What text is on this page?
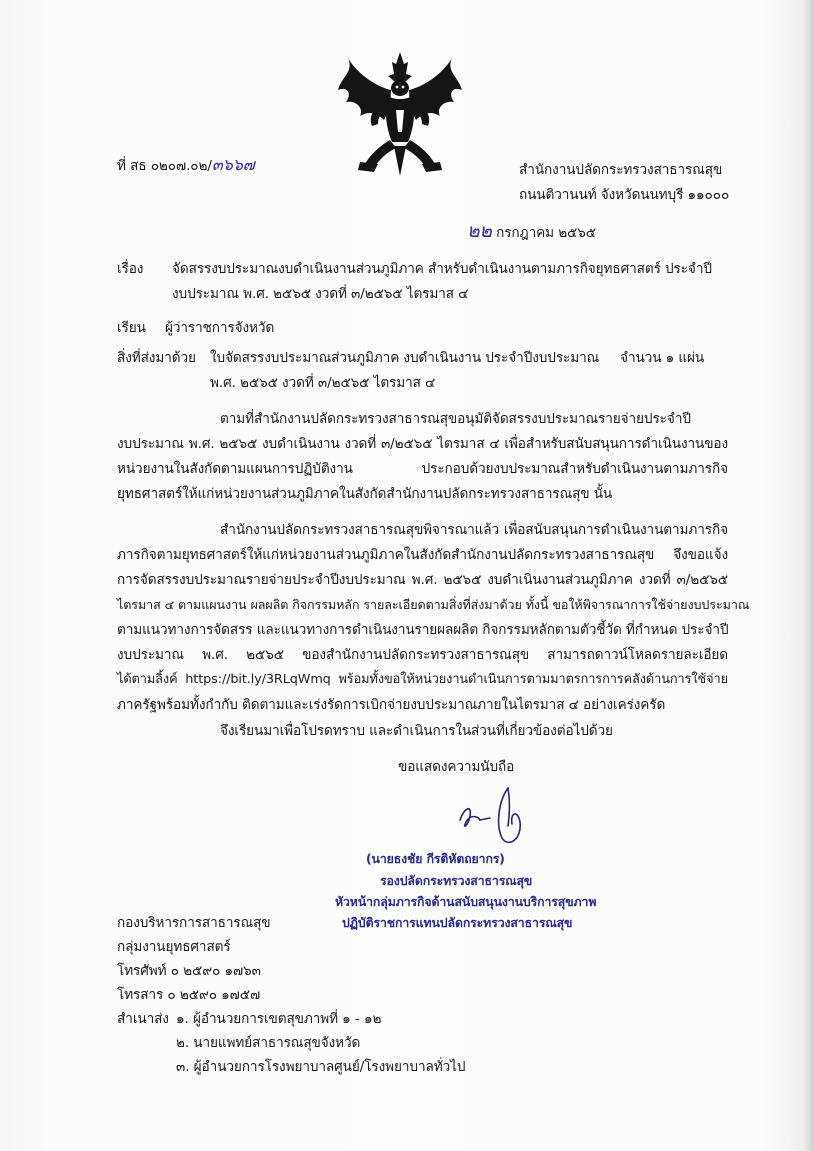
ที่ สธ ๐๒๐๗.๐๒/๓๖๖๗	สำนักงานปลัดกระทรวงสาธารณสุข
ถนนติวานนท์ จังหวัดนนทบุรี ๑๑๐๐๐
๒๒ กรกฎาคม ๒๕๖๕
เรื่อง จัดสรรงบประมาณงบดำเนินงานส่วนภูมิภาค สำหรับดำเนินงานตามภารกิจยุทธศาสตร์ ประจำปี
งบประมาณ พ.ศ. ๒๕๖๕ งวดที่ ๓/๒๕๖๕ ไตรมาส ๔
เรียน ผู้ว่าราชการจังหวัด
สิ่งที่ส่งมาด้วย ใบจัดสรรงบประมาณส่วนภูมิภาค งบดำเนินงาน ประจำปีงบประมาณ จำนวน ๑ แผ่น
พ.ศ. ๒๕๖๕ งวดที่ ๓/๒๕๖๕ ไตรมาส ๔
ตามที่สำนักงานปลัดกระทรวงสาธารณสุขอนุมัติจัดสรรงบประมาณรายจ่ายประจำปี
งบประมาณ พ.ศ. ๒๕๖๕ งบดำเนินงาน งวดที่ ๓/๒๕๖๕ ไตรมาส ๔ เพื่อสำหรับสนับสนุนการดำเนินงานของ
หน่วยงานในสังกัดตามแผนการปฏิบัติงาน ประกอบด้วยงบประมาณสำหรับดำเนินงานตามภารกิจ
ยุทธศาสตร์ให้แก่หน่วยงานส่วนภูมิภาคในสังกัดสำนักงานปลัดกระทรวงสาธารณสุข นั้น
สำนักงานปลัดกระทรวงสาธารณสุขพิจารณาแล้ว เพื่อสนับสนุนการดำเนินงานตามภารกิจ
ภารกิจตามยุทธศาสตร์ให้แก่หน่วยงานส่วนภูมิภาคในสังกัดสำนักงานปลัดกระทรวงสาธารณสุข จึงขอแจ้ง
การจัดสรรงบประมาณรายจ่ายประจำปีงบประมาณ พ.ศ. ๒๕๖๕ งบดำเนินงานส่วนภูมิภาค งวดที่ ๓/๒๕๖๕
ไตรมาส ๔ ตามแผนงาน ผลผลิต กิจกรรมหลัก รายละเอียดตามสิ่งที่ส่งมาด้วย ทั้งนี้ ขอให้พิจารณาการใช้จ่ายงบประมาณ
ตามแนวทางการจัดสรร และแนวทางการดำเนินงานรายผลผลิต กิจกรรมหลักตามตัวชี้วัด ที่กำหนด ประจำปี
งบประมาณ พ.ศ. ๒๕๖๕ ของสำนักงานปลัดกระทรวงสาธารณสุข สามารถดาวน์โหลดรายละเอียด
ได้ตามลิ้งค์ https://bit.ly/3RLqWmq พร้อมทั้งขอให้หน่วยงานดำเนินการตามมาตรการการคลังด้านการใช้จ่าย
ภาครัฐพร้อมทั้งกำกับ ติดตามและเร่งรัดการเบิกจ่ายงบประมาณภายในไตรมาส ๔ อย่างเคร่งครัด
จึงเรียนมาเพื่อโปรดทราบ และดำเนินการในส่วนที่เกี่ยวข้องต่อไปด้วย
ขอแสดงความนับถือ
(นายธงชัย กีรติหัตถยากร)
รองปลัดกระทรวงสาธารณสุข
หัวหน้ากลุ่มภารกิจด้านสนับสนุนงานบริการสุขภาพ
ปฏิบัติราชการแทนปลัดกระทรวงสาธารณสุข
กองบริหารการสาธารณสุข
กลุ่มงานยุทธศาสตร์
โทรศัพท์ ๐ ๒๕๙๐ ๑๗๖๓
โทรสาร ๐ ๒๕๙๐ ๑๗๕๗
สำเนาส่ง ๑. ผู้อำนวยการเขตสุขภาพที่ ๑ - ๑๒
๒. นายแพทย์สาธารณสุขจังหวัด
๓. ผู้อำนวยการโรงพยาบาลศูนย์/โรงพยาบาลทั่วไป
